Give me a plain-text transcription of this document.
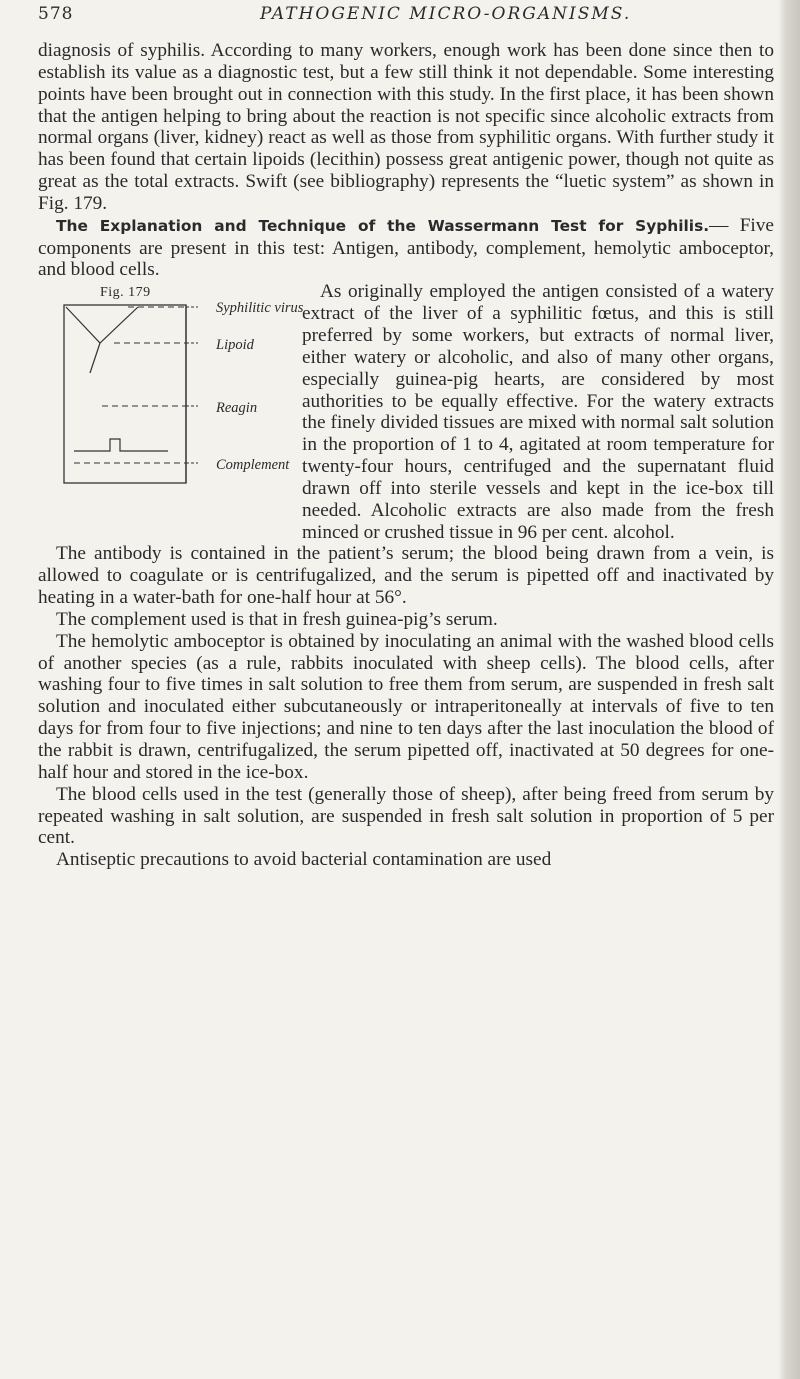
578	PATHOGENIC MICRO-ORGANISMS.

diagnosis of syphilis. According to many workers, enough work has been done since then to establish its value as a diagnostic test, but a few still think it not dependable. Some interesting points have been brought out in connection with this study. In the first place, it has been shown that the antigen helping to bring about the reaction is not specific since alcoholic extracts from normal organs (liver, kidney) react as well as those from syphilitic organs. With further study it has been found that certain lipoids (lecithin) possess great antigenic power, though not quite as great as the total extracts. Swift (see bibliography) represents the “luetic system” as shown in Fig. 179.

The Explanation and Technique of the Wassermann Test for Syphilis.— Five components are present in this test: Antigen, antibody, complement, hemolytic amboceptor, and blood cells.

Fig. 179
Syphilitic virus
Lipoid
Reagin
Complement
As originally employed the antigen consisted of a watery extract of the liver of a syphilitic fœtus, and this is still preferred by some workers, but extracts of normal liver, either watery or alcoholic, and also of many other organs, especially guinea-pig hearts, are considered by most authorities to be equally effective. For the watery extracts the finely divided tissues are mixed with normal salt solution in the proportion of 1 to 4, agitated at room temperature for twenty-four hours, centrifuged and the supernatant fluid drawn off into sterile vessels and kept in the ice-box till needed. Alcoholic extracts are also made from the fresh minced or crushed tissue in 96 per cent. alcohol.

The antibody is contained in the patient’s serum; the blood being drawn from a vein, is allowed to coagulate or is centrifugalized, and the serum is pipetted off and inactivated by heating in a water-bath for one-half hour at 56°.

The complement used is that in fresh guinea-pig’s serum.

The hemolytic amboceptor is obtained by inoculating an animal with the washed blood cells of another species (as a rule, rabbits inoculated with sheep cells). The blood cells, after washing four to five times in salt solution to free them from serum, are suspended in fresh salt solution and inoculated either subcutaneously or intraperitoneally at intervals of five to ten days for from four to five injections; and nine to ten days after the last inoculation the blood of the rabbit is drawn, centrifugalized, the serum pipetted off, inactivated at 50 degrees for one-half hour and stored in the ice-box.

The blood cells used in the test (generally those of sheep), after being freed from serum by repeated washing in salt solution, are suspended in fresh salt solution in proportion of 5 per cent.

Antiseptic precautions to avoid bacterial contamination are used
